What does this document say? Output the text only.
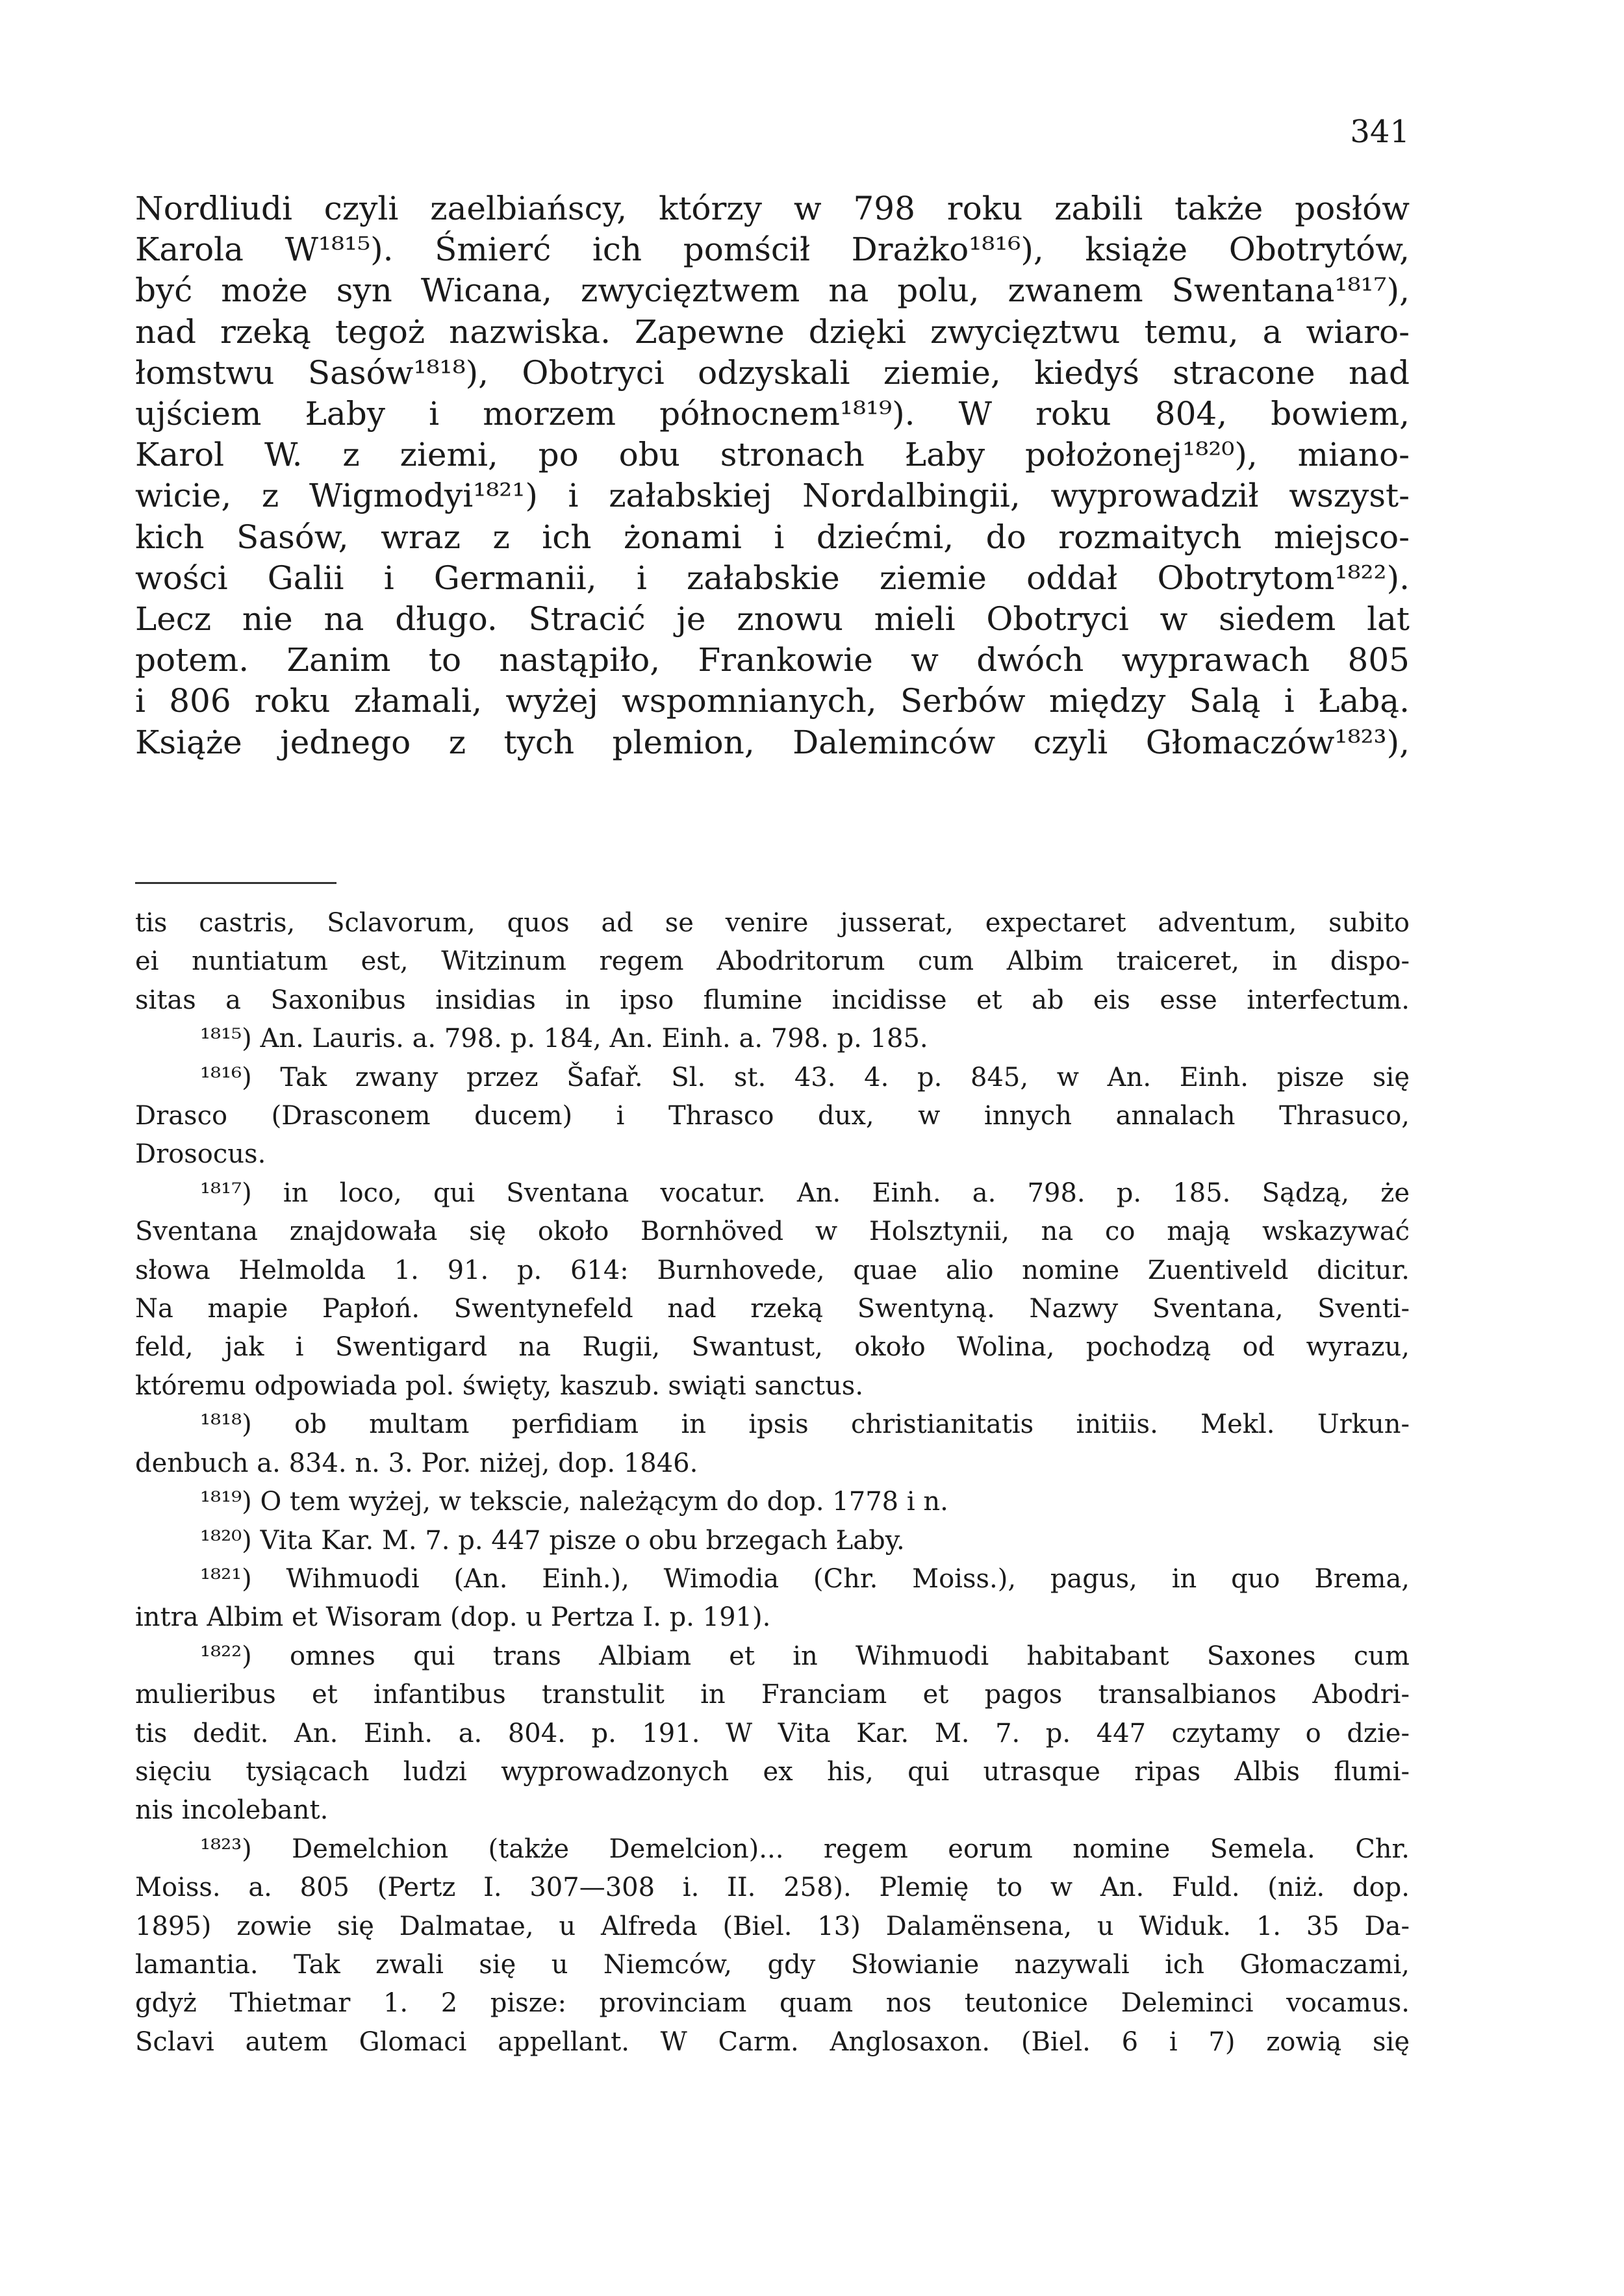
341
Nordliudi czyli zaelbiańscy, którzy w 798 roku zabili także posłów
Karola W¹⁸¹⁵). Śmierć ich pomścił Drażko¹⁸¹⁶), książe Obotrytów,
być może syn Wicana, zwycięztwem na polu, zwanem Swentana¹⁸¹⁷),
nad rzeką tegoż nazwiska. Zapewne dzięki zwycięztwu temu, a wiaro-
łomstwu Sasów¹⁸¹⁸), Obotryci odzyskali ziemie, kiedyś stracone nad
ujściem Łaby i morzem północnem¹⁸¹⁹). W roku 804, bowiem,
Karol W. z ziemi, po obu stronach Łaby położonej¹⁸²⁰), miano-
wicie, z Wigmodyi¹⁸²¹) i załabskiej Nordalbingii, wyprowadził wszyst-
kich Sasów, wraz z ich żonami i dziećmi, do rozmaitych miejsco-
wości Galii i Germanii, i załabskie ziemie oddał Obotrytom¹⁸²²).
Lecz nie na długo. Stracić je znowu mieli Obotryci w siedem lat
potem. Zanim to nastąpiło, Frankowie w dwóch wyprawach 805
i 806 roku złamali, wyżej wspomnianych, Serbów między Salą i Łabą.
Książe jednego z tych plemion, Daleminców czyli Głomaczów¹⁸²³),
tis castris, Sclavorum, quos ad se venire jusserat, expectaret adventum, subito
ei nuntiatum est, Witzinum regem Abodritorum cum Albim traiceret, in dispo-
sitas a Saxonibus insidias in ipso flumine incidisse et ab eis esse interfectum.
¹⁸¹⁵) An. Lauris. a. 798. p. 184, An. Einh. a. 798. p. 185.
¹⁸¹⁶) Tak zwany przez Šafař. Sl. st. 43. 4. p. 845, w An. Einh. pisze się
Drasco (Drasconem ducem) i Thrasco dux, w innych annalach Thrasuco,
Drosocus.
¹⁸¹⁷) in loco, qui Sventana vocatur. An. Einh. a. 798. p. 185. Sądzą, że
Sventana znajdowała się około Bornhöved w Holsztynii, na co mają wskazywać
słowa Helmolda 1. 91. p. 614: Burnhovede, quae alio nomine Zuentiveld dicitur.
Na mapie Papłoń. Swentynefeld nad rzeką Swentyną. Nazwy Sventana, Sventi-
feld, jak i Swentigard na Rugii, Swantust, około Wolina, pochodzą od wyrazu,
któremu odpowiada pol. święty, kaszub. swiąti sanctus.
¹⁸¹⁸) ob multam perfidiam in ipsis christianitatis initiis. Mekl. Urkun-
denbuch a. 834. n. 3. Por. niżej, dop. 1846.
¹⁸¹⁹) O tem wyżej, w tekscie, należącym do dop. 1778 i n.
¹⁸²⁰) Vita Kar. M. 7. p. 447 pisze o obu brzegach Łaby.
¹⁸²¹) Wihmuodi (An. Einh.), Wimodia (Chr. Moiss.), pagus, in quo Brema,
intra Albim et Wisoram (dop. u Pertza I. p. 191).
¹⁸²²) omnes qui trans Albiam et in Wihmuodi habitabant Saxones cum
mulieribus et infantibus transtulit in Franciam et pagos transalbianos Abodri-
tis dedit. An. Einh. a. 804. p. 191. W Vita Kar. M. 7. p. 447 czytamy o dzie-
sięciu tysiącach ludzi wyprowadzonych ex his, qui utrasque ripas Albis flumi-
nis incolebant.
¹⁸²³) Demelchion (także Demelcion)... regem eorum nomine Semela. Chr.
Moiss. a. 805 (Pertz I. 307—308 i. II. 258). Plemię to w An. Fuld. (niż. dop.
1895) zowie się Dalmatae, u Alfreda (Biel. 13) Dalamënsena, u Widuk. 1. 35 Da-
lamantia. Tak zwali się u Niemców, gdy Słowianie nazywali ich Głomaczami,
gdyż Thietmar 1. 2 pisze: provinciam quam nos teutonice Deleminci vocamus.
Sclavi autem Glomaci appellant. W Carm. Anglosaxon. (Biel. 6 i 7) zowią się
